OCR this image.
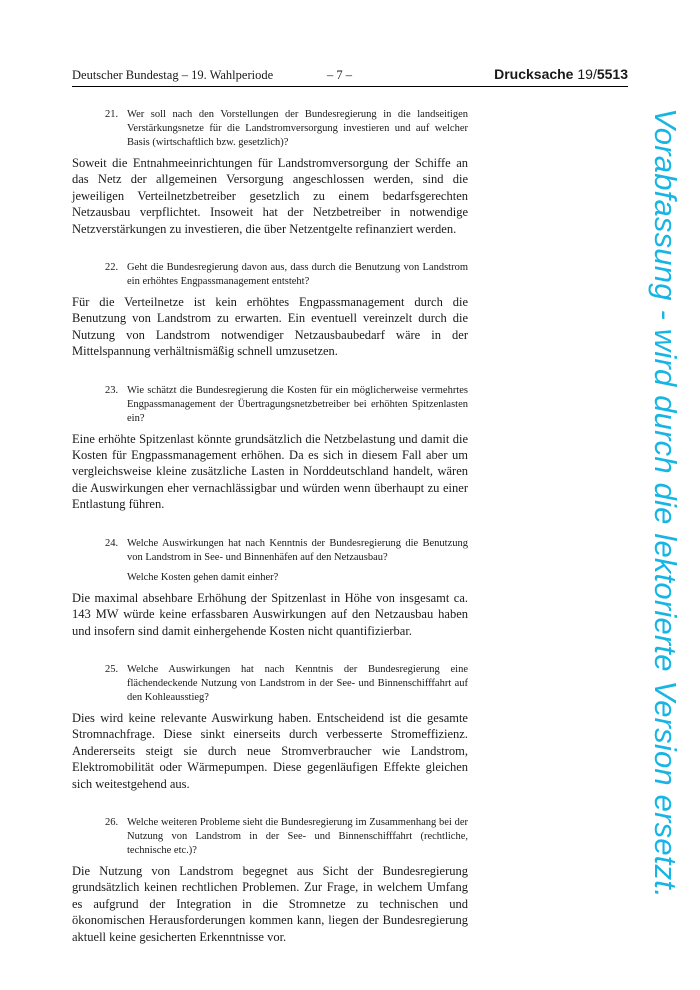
Deutscher Bundestag – 19. Wahlperiode	– 7 –	Drucksache 19/5513
21. Wer soll nach den Vorstellungen der Bundesregierung in die landseitigen Verstärkungsnetze für die Landstromversorgung investieren und auf welcher Basis (wirtschaftlich bzw. gesetzlich)?
Soweit die Entnahmeeinrichtungen für Landstromversorgung der Schiffe an das Netz der allgemeinen Versorgung angeschlossen werden, sind die jeweiligen Verteilnetzbetreiber gesetzlich zu einem bedarfsgerechten Netzausbau verpflichtet. Insoweit hat der Netzbetreiber in notwendige Netzverstärkungen zu investieren, die über Netzentgelte refinanziert werden.
22. Geht die Bundesregierung davon aus, dass durch die Benutzung von Landstrom ein erhöhtes Engpassmanagement entsteht?
Für die Verteilnetze ist kein erhöhtes Engpassmanagement durch die Benutzung von Landstrom zu erwarten. Ein eventuell vereinzelt durch die Nutzung von Landstrom notwendiger Netzausbaubedarf wäre in der Mittelspannung verhältnismäßig schnell umzusetzen.
23. Wie schätzt die Bundesregierung die Kosten für ein möglicherweise vermehrtes Engpassmanagement der Übertragungsnetzbetreiber bei erhöhten Spitzenlasten ein?
Eine erhöhte Spitzenlast könnte grundsätzlich die Netzbelastung und damit die Kosten für Engpassmanagement erhöhen. Da es sich in diesem Fall aber um vergleichsweise kleine zusätzliche Lasten in Norddeutschland handelt, wären die Auswirkungen eher vernachlässigbar und würden wenn überhaupt zu einer Entlastung führen.
24. Welche Auswirkungen hat nach Kenntnis der Bundesregierung die Benutzung von Landstrom in See- und Binnenhäfen auf den Netzausbau?
Welche Kosten gehen damit einher?
Die maximal absehbare Erhöhung der Spitzenlast in Höhe von insgesamt ca. 143 MW würde keine erfassbaren Auswirkungen auf den Netzausbau haben und insofern sind damit einhergehende Kosten nicht quantifizierbar.
25. Welche Auswirkungen hat nach Kenntnis der Bundesregierung eine flächendeckende Nutzung von Landstrom in der See- und Binnenschifffahrt auf den Kohleausstieg?
Dies wird keine relevante Auswirkung haben. Entscheidend ist die gesamte Stromnachfrage. Diese sinkt einerseits durch verbesserte Stromeffizienz. Andererseits steigt sie durch neue Stromverbraucher wie Landstrom, Elektromobilität oder Wärmepumpen. Diese gegenläufigen Effekte gleichen sich weitestgehend aus.
26. Welche weiteren Probleme sieht die Bundesregierung im Zusammenhang bei der Nutzung von Landstrom in der See- und Binnenschifffahrt (rechtliche, technische etc.)?
Die Nutzung von Landstrom begegnet aus Sicht der Bundesregierung grundsätzlich keinen rechtlichen Problemen. Zur Frage, in welchem Umfang es aufgrund der Integration in die Stromnetze zu technischen und ökonomischen Herausforderungen kommen kann, liegen der Bundesregierung aktuell keine gesicherten Erkenntnisse vor.
Vorabfassung - wird durch die lektorierte Version ersetzt.
